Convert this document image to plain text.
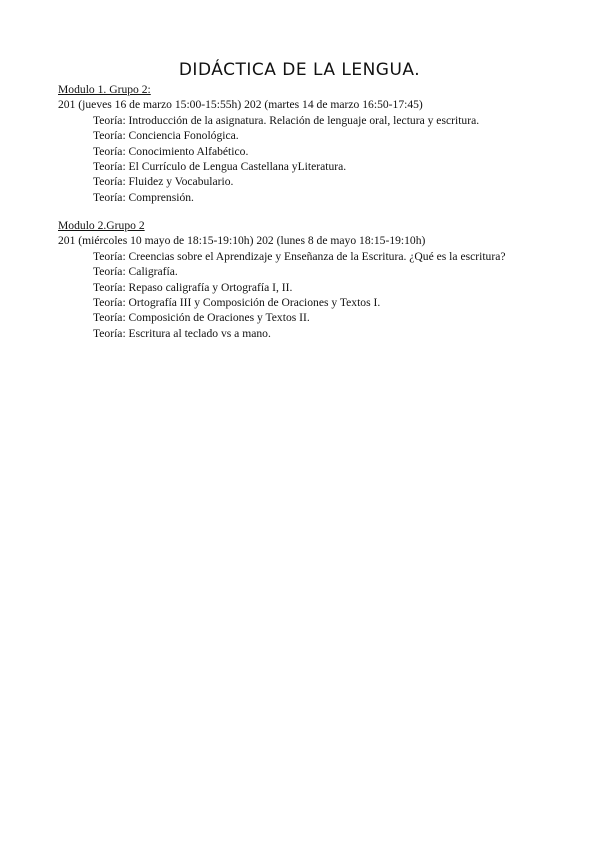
DIDÁCTICA DE LA LENGUA.
Modulo 1. Grupo 2:
201 (jueves 16 de marzo 15:00-15:55h) 202 (martes 14 de marzo 16:50-17:45)
Teoría: Introducción de la asignatura. Relación de lenguaje oral, lectura y escritura.
Teoría: Conciencia Fonológica.
Teoría: Conocimiento Alfabético.
Teoría: El Currículo de Lengua Castellana yLiteratura.
Teoría: Fluidez y Vocabulario.
Teoría: Comprensión.
Modulo 2.Grupo 2
201 (miércoles 10 mayo de 18:15-19:10h) 202 (lunes 8 de mayo 18:15-19:10h)
Teoría: Creencias sobre el Aprendizaje y Enseñanza de la Escritura. ¿Qué es la escritura?
Teoría: Caligrafía.
Teoría: Repaso caligrafía y Ortografía I, II.
Teoría: Ortografía III y Composición de Oraciones y Textos I.
Teoría: Composición de Oraciones y Textos II.
Teoría: Escritura al teclado vs a mano.
